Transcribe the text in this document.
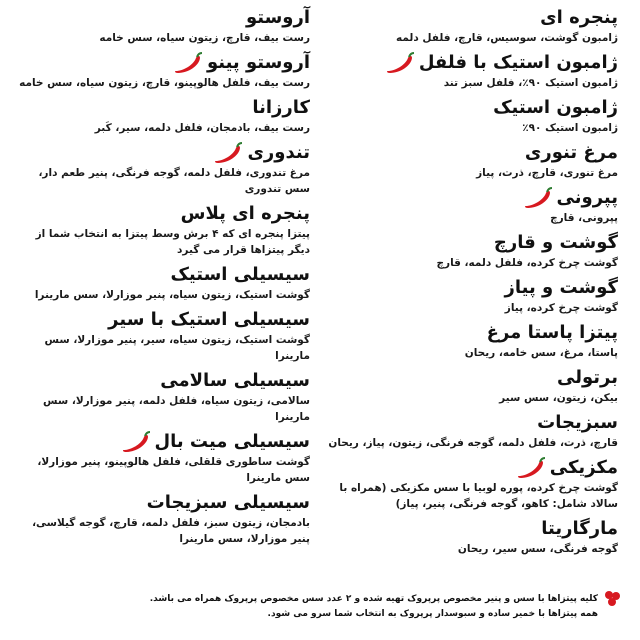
پنجره ای
ژامبون گوشت، سوسیس، قارچ، فلفل دلمه
ژامبون استیک با فلفل
ژامبون استیک ۹۰٪، فلفل سبز تند
ژامبون استیک
ژامبون استیک ۹۰٪
مرغ تنوری
مرغ تنوری، قارچ، ذرت، پیاز
پپرونی
پپرونی، قارچ
گوشت و قارچ
گوشت چرخ کرده، فلفل دلمه، قارچ
گوشت و پیاز
گوشت چرخ کرده، پیاز
پیتزا پاستا مرغ
پاستا، مرغ، سس خامه، ریحان
برتولی
بیکن، زیتون، سس سیر
سبزیجات
قارچ، ذرت، فلفل دلمه، گوجه فرنگی، زیتون، پیاز، ریحان
مکزیکی
گوشت چرخ کرده، پوره لوبیا با سس مکزیکی (همراه با سالاد شامل: کاهو، گوجه فرنگی، پنیر، پیاز)
مارگاریتا
گوجه فرنگی، سس سیر، ریحان
آروستو
رست بیف، قارچ، زیتون سیاه، سس خامه
آروستو پینو
رست بیف، فلفل هالوپینو، قارچ، زیتون سیاه، سس خامه
کارزانا
رست بیف، بادمجان، فلفل دلمه، سیر، کَبر
تندوری
مرغ تندوری، فلفل دلمه، گوجه فرنگی، پنیر طعم دار، سس تندوری
پنجره ای پلاس
پیتزا پنجره ای که ۴ برش وسط پیتزا به انتخاب شما از دیگر پیتزاها قرار می گیرد
سیسیلی استیک
گوشت استیک، زیتون سیاه، پنیر موزارلا، سس مارینرا
سیسیلی استیک با سیر
گوشت استیک، زیتون سیاه، سیر، پنیر موزارلا، سس مارینرا
سیسیلی سالامی
سالامی، زیتون سیاه، فلفل دلمه، پنیر موزارلا، سس مارینرا
سیسیلی میت بال
گوشت ساطوری قلقلی، فلفل هالوپینو، پنیر موزارلا، سس مارینرا
سیسیلی سبزیجات
بادمجان، زیتون سبز، فلفل دلمه، قارچ، گوجه گیلاسی، پنیر موزارلا، سس مارینرا
کلیه پیتزاها با سس و پنیر مخصوص پرپروک تهیه شده و ۲ عدد سس مخصوص پرپروک همراه می باشد.
همه پیتزاها با خمیر ساده و سبوسدار پرپروک به انتخاب شما سرو می شود.
